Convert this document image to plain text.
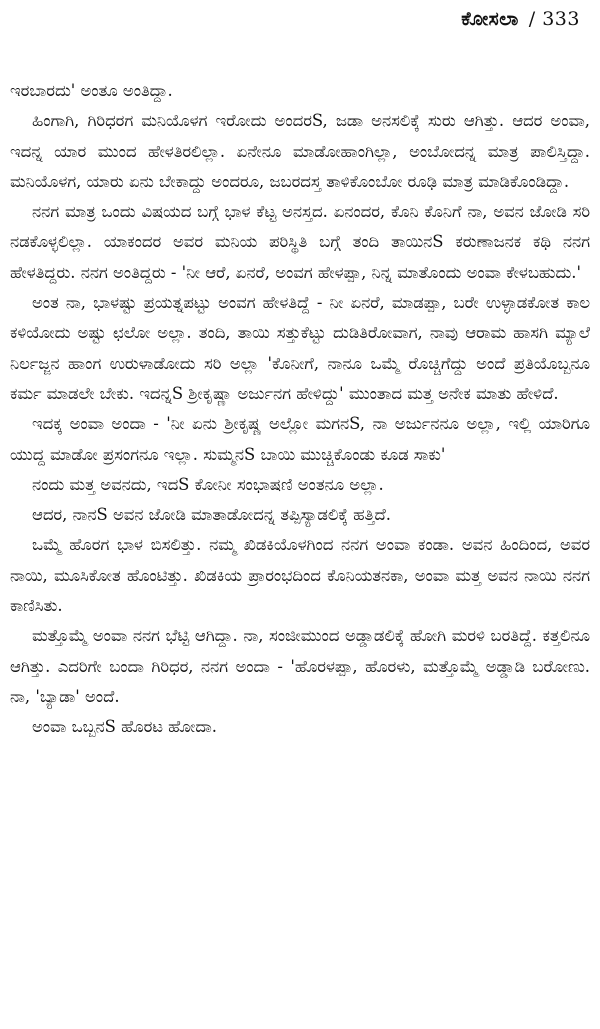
ಕೋಸಲಾ / 333

ಇರಬಾರದು' ಅಂತೂ ಅಂತಿದ್ದಾ.

ಹಿಂಗಾಗಿ, ಗಿರಿಧರಗ ಮನಿಯೊಳಗ ಇರೋದು ಅಂದರS, ಜಡಾ ಅನಸಲಿಕ್ಕೆ ಸುರು ಆಗಿತ್ತು. ಆದರ ಅಂವಾ, ಇದನ್ನ ಯಾರ ಮುಂದ ಹೇಳತಿರಲಿಲ್ಲಾ. ಏನೇನೂ ಮಾಡೋಹಾಂಗಿಲ್ಲಾ, ಅಂಬೋದನ್ನ ಮಾತ್ರ ಪಾಲಿಸ್ತಿದ್ದಾ. ಮನಿಯೊಳಗ, ಯಾರು ಏನು ಬೇಕಾದ್ದು ಅಂದರೂ, ಜಬರದಸ್ತ ತಾಳಿಕೊಂಬೋ ರೂಢಿ ಮಾತ್ರ ಮಾಡಿಕೊಂಡಿದ್ದಾ.

ನನಗ ಮಾತ್ರ ಒಂದು ವಿಷಯದ ಬಗ್ಗೆ ಭಾಳ ಕೆಟ್ಟ ಅನಸ್ತದ. ಏನಂದರ, ಕೊನಿ ಕೊನಿಗೆ ನಾ, ಅವನ ಜೋಡಿ ಸರಿ ನಡಕೊಳ್ಳಲಿಲ್ಲಾ. ಯಾಕಂದರ ಅವರ ಮನಿಯ ಪರಿಸ್ಥಿತಿ ಬಗ್ಗೆ ತಂದಿ ತಾಯಿನS ಕರುಣಾಜನಕ ಕಥಿ ನನಗ ಹೇಳತಿದ್ದರು. ನನಗ ಅಂತಿದ್ದರು - 'ನೀ ಆರೆ, ಏನರೆ, ಅಂವಗ ಹೇಳಪ್ಪಾ, ನಿನ್ನ ಮಾತೊಂದು ಅಂವಾ ಕೇಳಬಹುದು.'

ಅಂತ ನಾ, ಭಾಳಷ್ಟು ಪ್ರಯತ್ನಪಟ್ಟು ಅಂವಗ ಹೇಳತಿದ್ದೆ - ನೀ ಏನರೆ, ಮಾಡಪ್ಪಾ, ಬರೇ ಉಳ್ಳಾಡಕೋತ ಕಾಲ ಕಳಿಯೋದು ಅಷ್ಟು ಛಲೋ ಅಲ್ಲಾ. ತಂದಿ, ತಾಯಿ ಸತ್ತುಕೆಟ್ಟು ದುಡಿತಿರೋವಾಗ, ನಾವು ಆರಾಮ ಹಾಸಗಿ ಮ್ಯಾಲೆ ನಿರ್ಲಜ್ಜನ ಹಾಂಗ ಉರುಳಾಡೋದು ಸರಿ ಅಲ್ಲಾ 'ಕೊನೀಗೆ, ನಾನೂ ಒಮ್ಮೆ ರೊಚ್ಚಿಗೆದ್ದು ಅಂದೆ ಪ್ರತಿಯೊಬ್ಬನೂ ಕರ್ಮ ಮಾಡಲೇ ಬೇಕು. ಇದನ್ನS ಶ್ರೀಕೃಷ್ಣಾ ಅರ್ಜುನಗ ಹೇಳಿದ್ದು' ಮುಂತಾದ ಮತ್ತ ಅನೇಕ ಮಾತು ಹೇಳಿದೆ.

ಇದಕ್ಕ ಅಂವಾ ಅಂದಾ - 'ನೀ ಏನು ಶ್ರೀಕೃಷ್ಣ ಅಲ್ಲೋ ಮಗನS, ನಾ ಅರ್ಜುನನೂ ಅಲ್ಲಾ, ಇಲ್ಲಿ ಯಾರಿಗೂ ಯುದ್ದ ಮಾಡೋ ಪ್ರಸಂಗನೂ ಇಲ್ಲಾ. ಸುಮ್ಮನS ಬಾಯಿ ಮುಚ್ಚಿಕೊಂಡು ಕೂಡ ಸಾಕು'

ನಂದು ಮತ್ತ ಅವನದು, ಇದS ಕೋನೀ ಸಂಭಾಷಣಿ ಅಂತನೂ ಅಲ್ಲಾ.

ಆದರ, ನಾನS ಅವನ ಜೋಡಿ ಮಾತಾಡೋದನ್ನ ತಪ್ಪಿಸ್ಯಾಡಲಿಕ್ಕೆ ಹತ್ತಿದೆ.

ಒಮ್ಮೆ ಹೊರಗ ಭಾಳ ಬಿಸಲಿತ್ತು. ನಮ್ಮ ಖಿಡಕಿಯೊಳಗಿಂದ ನನಗ ಅಂವಾ ಕಂಡಾ. ಅವನ ಹಿಂದಿಂದ, ಅವರ ನಾಯಿ, ಮೂಸಿಕೋತ ಹೊಂಟಿತ್ತು. ಖಿಡಕಿಯ ಪ್ರಾರಂಭದಿಂದ ಕೊನಿಯತನಕಾ, ಅಂವಾ ಮತ್ತ ಅವನ ನಾಯಿ ನನಗ ಕಾಣಿಸಿತು.

ಮತ್ತೊಮ್ಮೆ ಅಂವಾ ನನಗ ಭೆಟ್ಟಿ ಆಗಿದ್ದಾ. ನಾ, ಸಂಜೀಮುಂದ ಅಡ್ಡಾಡಲಿಕ್ಕೆ ಹೋಗಿ ಮರಳಿ ಬರತಿದ್ದೆ. ಕತ್ತಲಿನೂ ಆಗಿತ್ತು. ಎದರಿಗೇ ಬಂದಾ ಗಿರಿಧರ, ನನಗ ಅಂದಾ - 'ಹೊರಳಪ್ಪಾ, ಹೊರಳು, ಮತ್ತೊಮ್ಮೆ ಅಡ್ಡಾಡಿ ಬರೋಣು. ನಾ, 'ಬ್ಯಾಡಾ' ಅಂದೆ.

ಅಂವಾ ಒಬ್ಬನS ಹೊರಟ ಹೋದಾ.
